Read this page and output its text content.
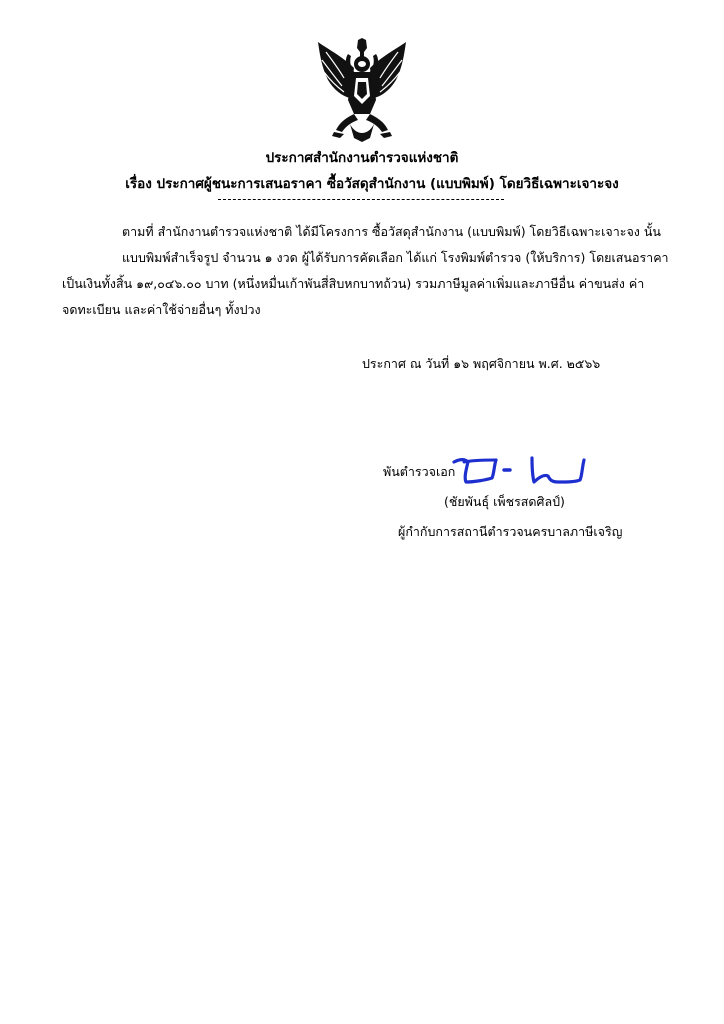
ประกาศสำนักงานตำรวจแห่งชาติ
เรื่อง ประกาศผู้ชนะการเสนอราคา ซื้อวัสดุสำนักงาน (แบบพิมพ์) โดยวิธีเฉพาะเจาะจง
ตามที่ สำนักงานตำรวจแห่งชาติ ได้มีโครงการ ซื้อวัสดุสำนักงาน (แบบพิมพ์) โดยวิธีเฉพาะเจาะจง นั้น
แบบพิมพ์สำเร็จรูป จำนวน ๑ งวด ผู้ได้รับการคัดเลือก ได้แก่ โรงพิมพ์ตำรวจ (ให้บริการ) โดยเสนอราคา
เป็นเงินทั้งสิ้น ๑๙,๐๔๖.๐๐ บาท (หนึ่งหมื่นเก้าพันสี่สิบหกบาทถ้วน) รวมภาษีมูลค่าเพิ่มและภาษีอื่น ค่าขนส่ง ค่า
จดทะเบียน และค่าใช้จ่ายอื่นๆ ทั้งปวง
ประกาศ ณ วันที่ ๑๖ พฤศจิกายน พ.ศ. ๒๕๖๖
พันตำรวจเอก
(ชัยพันธุ์ เพ็ชรสดศิลป์)
ผู้กำกับการสถานีตำรวจนครบาลภาษีเจริญ
